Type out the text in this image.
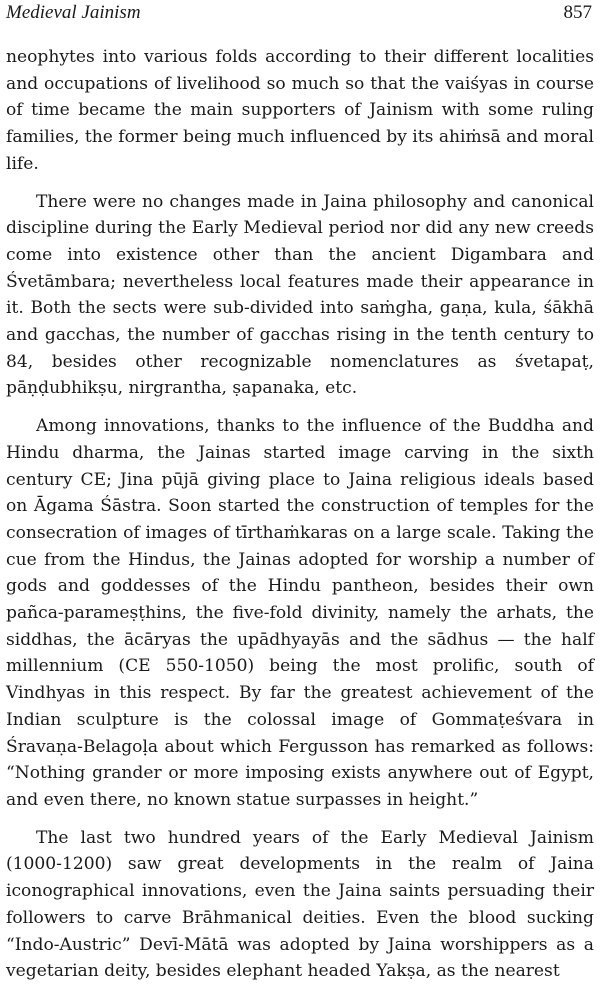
Medieval Jainism	857

neophytes into various folds according to their different localities and occupations of livelihood so much so that the vaiśyas in course of time became the main supporters of Jainism with some ruling families, the former being much influenced by its ahiṁsā and moral life.

There were no changes made in Jaina philosophy and canonical discipline during the Early Medieval period nor did any new creeds come into existence other than the ancient Digambara and Śvetāmbara; nevertheless local features made their appearance in it. Both the sects were sub-divided into saṁgha, gaṇa, kula, śākhā and gacchas, the number of gacchas rising in the tenth century to 84, besides other recognizable nomenclatures as śvetapaṭ, pāṇḍubhikṣu, nirgrantha, ṣapanaka, etc.

Among innovations, thanks to the influence of the Buddha and Hindu dharma, the Jainas started image carving in the sixth century CE; Jina pūjā giving place to Jaina religious ideals based on Āgama Śāstra. Soon started the construction of temples for the consecration of images of tīrthaṁkaras on a large scale. Taking the cue from the Hindus, the Jainas adopted for worship a number of gods and goddesses of the Hindu pantheon, besides their own pañca-parameṣṭhins, the five-fold divinity, namely the arhats, the siddhas, the ācāryas the upādhyayās and the sādhus — the half millennium (CE 550-1050) being the most prolific, south of Vindhyas in this respect. By far the greatest achievement of the Indian sculpture is the colossal image of Gommaṭeśvara in Śravaṇa-Belagoḷa about which Fergusson has remarked as follows: “Nothing grander or more imposing exists anywhere out of Egypt, and even there, no known statue surpasses in height.”

The last two hundred years of the Early Medieval Jainism (1000-1200) saw great developments in the realm of Jaina iconographical innovations, even the Jaina saints persuading their followers to carve Brāhmanical deities. Even the blood sucking “Indo-Austric” Devī-Mātā was adopted by Jaina worshippers as a vegetarian deity, besides elephant headed Yakṣa, as the nearest
